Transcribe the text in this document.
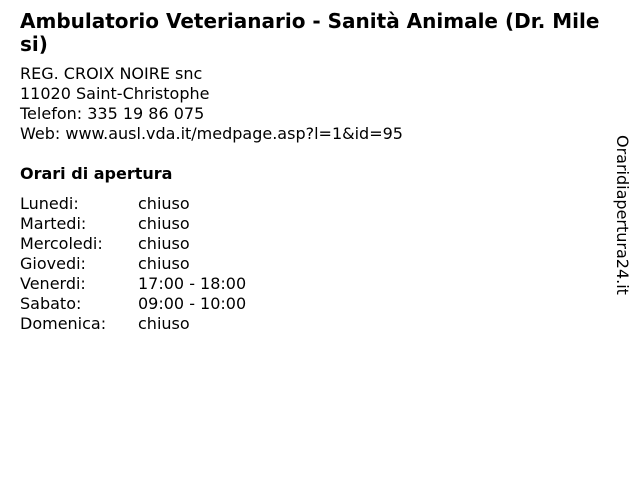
Ambulatorio Veterianario - Sanità Animale (Dr. Milesi)
REG. CROIX NOIRE snc
11020 Saint-Christophe
Telefon: 335 19 86 075
Web: www.ausl.vda.it/medpage.asp?l=1&id=95
Orari di apertura
Lunedi:	chiuso
Martedi:	chiuso
Mercoledi: chiuso
Giovedi:	chiuso
Venerdi:	17:00 - 18:00
Sabato:	09:00 - 10:00
Domenica: chiuso
Oraridiapertura24.it
